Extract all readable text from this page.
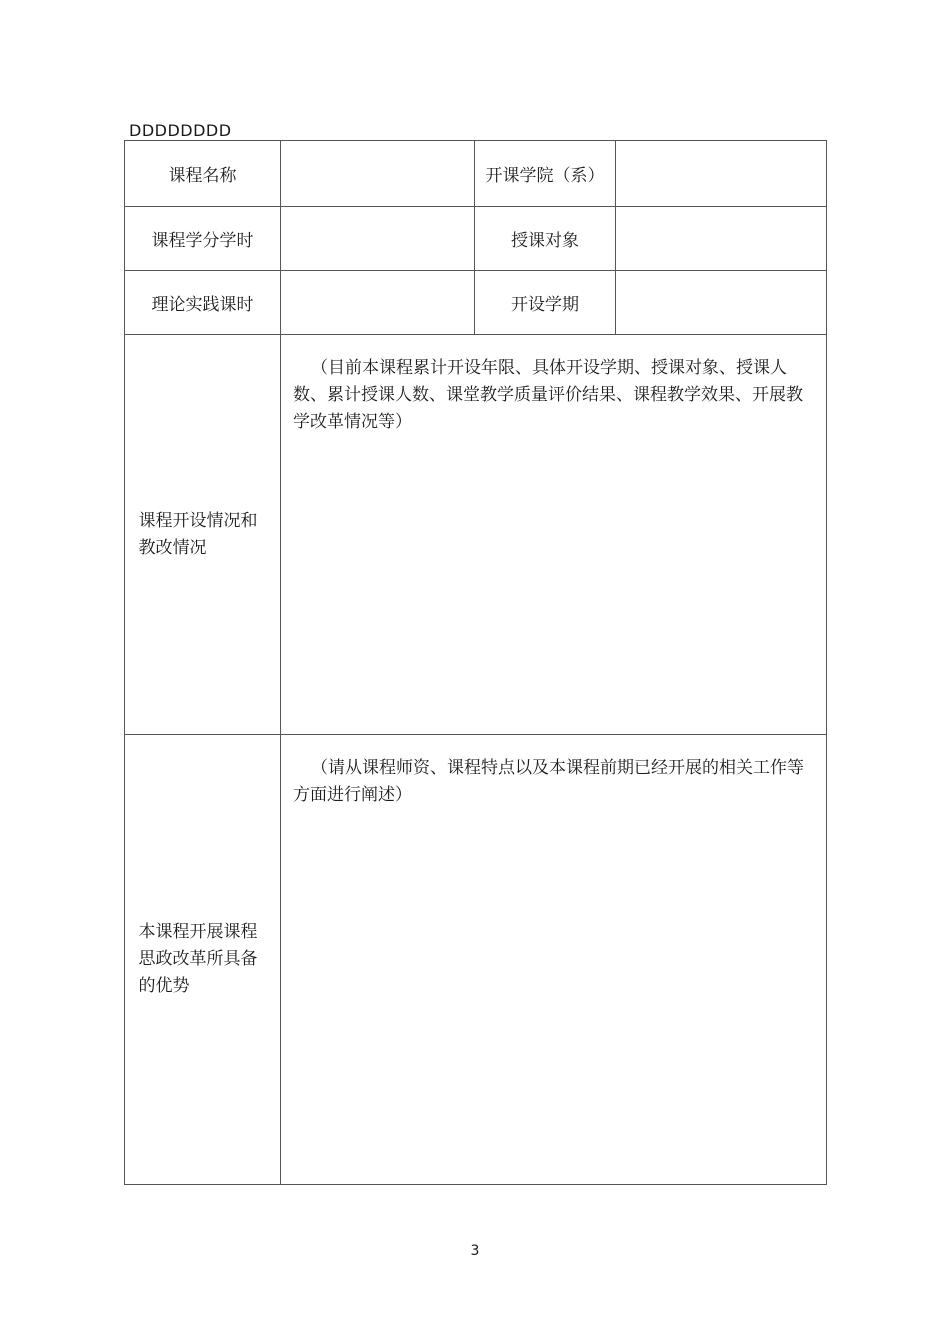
DDDDDDDD
课程名称		开课学院（系）	
课程学分学时		授课对象	
理论实践课时		开设学期	
课程开设情况和教改情况	（目前本课程累计开设年限、具体开设学期、授课对象、授课人数、累计授课人数、课堂教学质量评价结果、课程教学效果、开展教学改革情况等）		

本课程开展课程思政改革所具备的优势	（请从课程师资、课程特点以及本课程前期已经开展的相关工作等方面进行阐述）		
3
